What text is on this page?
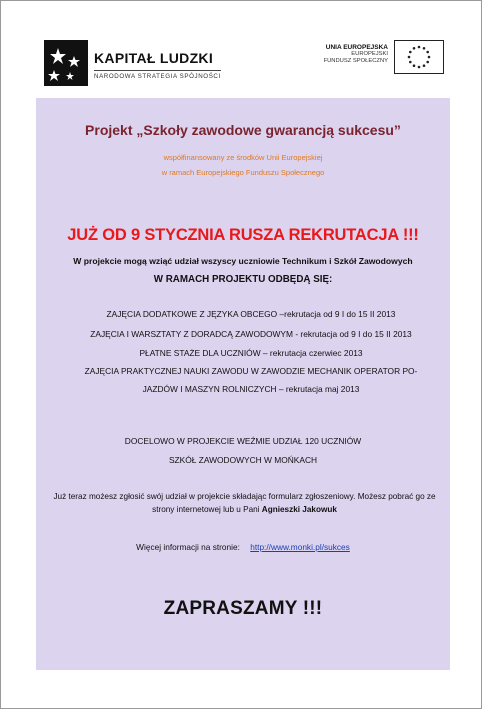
KAPITAŁ LUDZKI
NARODOWA STRATEGIA SPÓJNOŚCI
UNIA EUROPEJSKA
EUROPEJSKI
FUNDUSZ SPOŁECZNY
Projekt „Szkoły zawodowe gwarancją sukcesu”
współfinansowany ze środków Unii Europejskiej
w ramach Europejskiego Funduszu Społecznego
JUŻ OD 9 STYCZNIA RUSZA REKRUTACJA !!!
W projekcie mogą wziąć udział wszyscy uczniowie Technikum i Szkół Zawodowych
W RAMACH PROJEKTU ODBĘDĄ SIĘ:
ZAJĘCIA DODATKOWE Z JĘZYKA OBCEGO –rekrutacja od 9 I do 15 II 2013
ZAJĘCIA I WARSZTATY Z DORADCĄ ZAWODOWYM - rekrutacja od 9 I do 15 II 2013
PŁATNE STAŻE DLA UCZNIÓW – rekrutacja czerwiec 2013
ZAJĘCIA PRAKTYCZNEJ NAUKI ZAWODU W ZAWODZIE MECHANIK OPERATOR PO-
JAZDÓW I MASZYN ROLNICZYCH – rekrutacja maj 2013
DOCELOWO W PROJEKCIE WEŹMIE UDZIAŁ 120 UCZNIÓW
SZKÓŁ ZAWODOWYCH W MOŃKACH
Już teraz możesz zgłosić swój udział w projekcie składając formularz zgłoszeniowy. Możesz pobrać go ze strony internetowej lub u Pani Agnieszki Jakowuk
Więcej informacji na stronie: http://www.monki.pl/sukces
ZAPRASZAMY !!!
